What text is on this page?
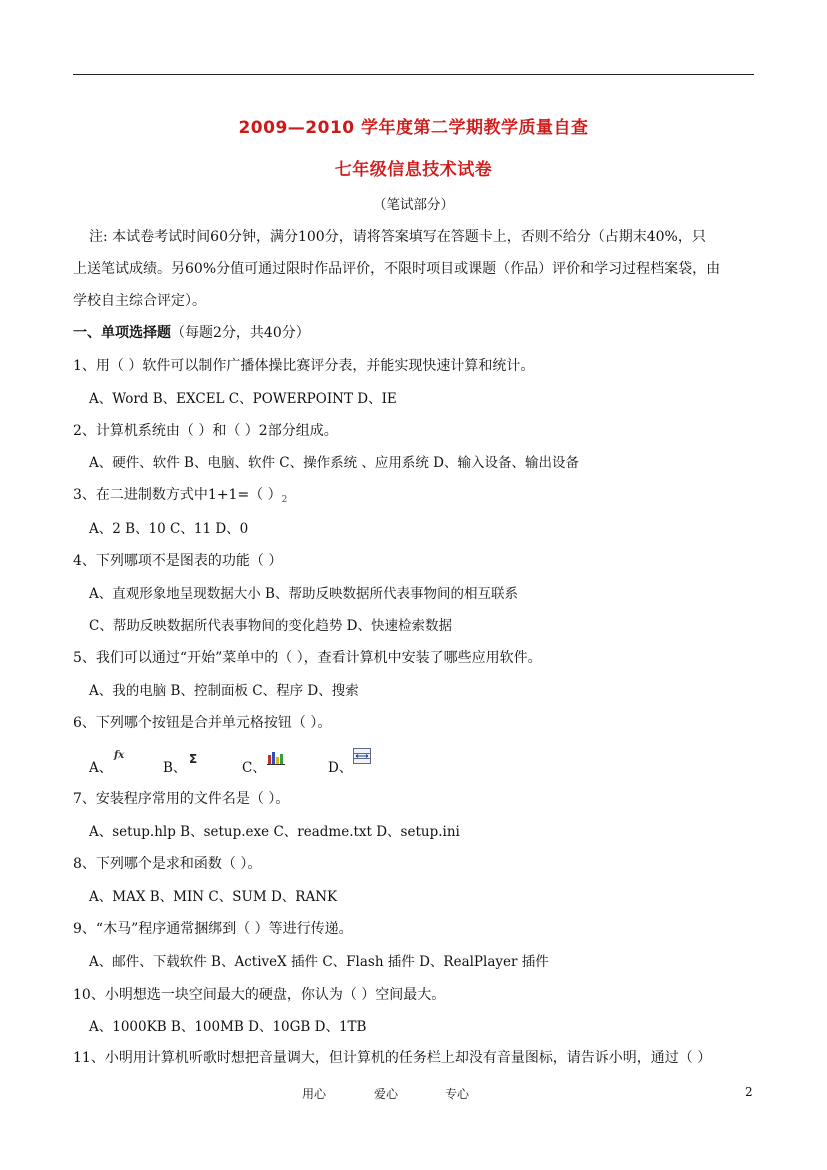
2009—2010 学年度第二学期教学质量自查
七年级信息技术试卷
（笔试部分）
注: 本试卷考试时间60分钟，满分100分，请将答案填写在答题卡上，否则不给分（占期末40%，只
上送笔试成绩。另60%分值可通过限时作品评价，不限时项目或课题（作品）评价和学习过程档案袋，由
学校自主综合评定）。
一、单项选择题（每题2分，共40分）
1、用（ ）软件可以制作广播体操比赛评分表，并能实现快速计算和统计。
A、Word B、EXCEL C、POWERPOINT D、IE
2、计算机系统由（ ）和（ ）2部分组成。
A、硬件、软件 B、电脑、软件 C、操作系统 、应用系统 D、输入设备、输出设备
3、在二进制数方式中1+1=（ ）$_2$
A、2 B、10 C、11 D、0
4、下列哪项不是图表的功能（ ）
A、直观形象地呈现数据大小 B、帮助反映数据所代表事物间的相互联系
C、帮助反映数据所代表事物间的变化趋势 D、快速检索数据
5、我们可以通过“开始”菜单中的（ ），查看计算机中安装了哪些应用软件。
A、我的电脑 B、控制面板 C、程序 D、搜索
6、下列哪个按钮是合并单元格按钮（ ）。
A、
fx
B、
Σ
C、	D、
7、安装程序常用的文件名是（ ）。
A、setup.hlp B、setup.exe C、readme.txt D、setup.ini
8、下列哪个是求和函数（ ）。
A、MAX B、MIN C、SUM D、RANK
9、“木马”程序通常捆绑到（ ）等进行传递。
A、邮件、下载软件 B、ActiveX 插件 C、Flash 插件 D、RealPlayer 插件
10、小明想选一块空间最大的硬盘，你认为（ ）空间最大。
A、1000KB B、100MB D、10GB D、1TB
11、小明用计算机听歌时想把音量调大，但计算机的任务栏上却没有音量图标，请告诉小明，通过（ ）
用心	爱心	专心	2
